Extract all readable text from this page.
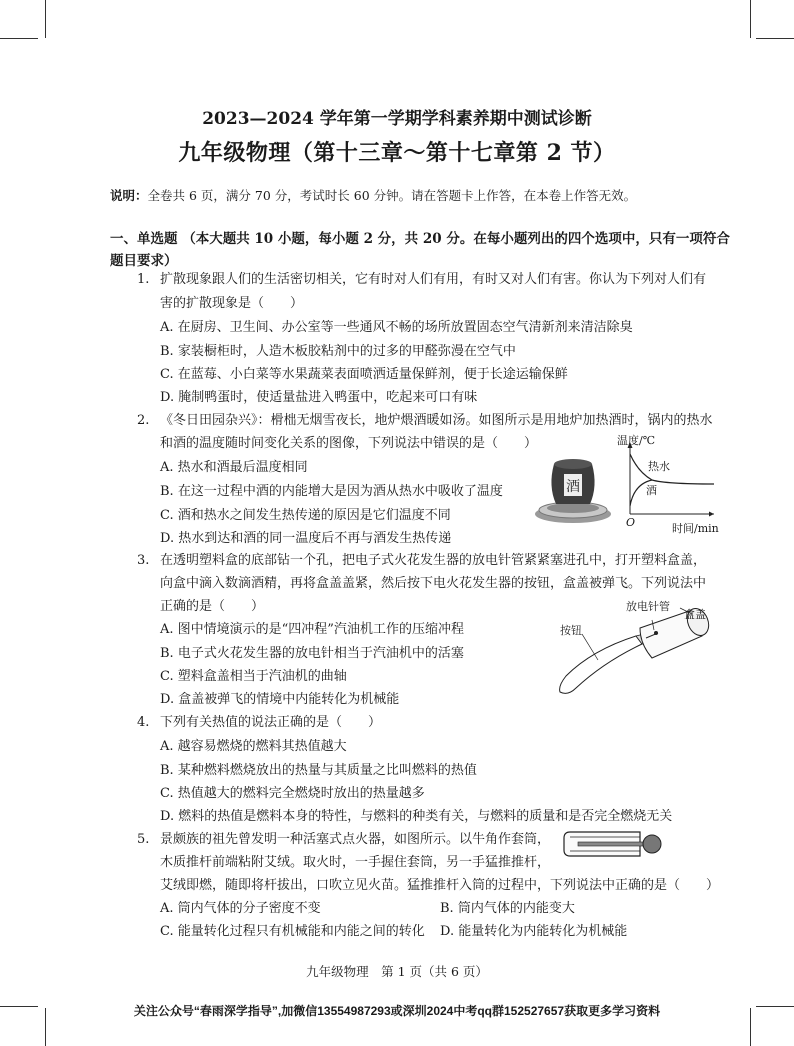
2023—2024 学年第一学期学科素养期中测试诊断
九年级物理（第十三章～第十七章第 2 节）
说明：全卷共 6 页，满分 70 分，考试时长 60 分钟。请在答题卡上作答，在本卷上作答无效。
一、单选题 （本大题共 10 小题，每小题 2 分，共 20 分。在每小题列出的四个选项中，只有一项符合题目要求）
1. 扩散现象跟人们的生活密切相关，它有时对人们有用，有时又对人们有害。你认为下列对人们有
害的扩散现象是（　　）
A. 在厨房、卫生间、办公室等一些通风不畅的场所放置固态空气清新剂来清洁除臭
B. 家装橱柜时，人造木板胶粘剂中的过多的甲醛弥漫在空气中
C. 在蓝莓、小白菜等水果蔬菜表面喷洒适量保鲜剂，便于长途运输保鲜
D. 腌制鸭蛋时，使适量盐进入鸭蛋中，吃起来可口有味
2. 《冬日田园杂兴》：榾柮无烟雪夜长，地炉煨酒暖如汤。如图所示是用地炉加热酒时，锅内的热水
和酒的温度随时间变化关系的图像，下列说法中错误的是（　　）
A. 热水和酒最后温度相同
B. 在这一过程中酒的内能增大是因为酒从热水中吸收了温度
C. 酒和热水之间发生热传递的原因是它们温度不同
D. 热水到达和酒的同一温度后不再与酒发生热传递
酒
温度/℃
热水
酒
O	时间/min
3. 在透明塑料盒的底部钻一个孔，把电子式火花发生器的放电针管紧紧塞进孔中，打开塑料盒盖，
向盒中滴入数滴酒精，再将盒盖盖紧，然后按下电火花发生器的按钮，盒盖被弹飞。下列说法中
正确的是（　　）
A. 图中情境演示的是“四冲程”汽油机工作的压缩冲程
B. 电子式火花发生器的放电针相当于汽油机中的活塞
C. 塑料盒盖相当于汽油机的曲轴
D. 盒盖被弹飞的情境中内能转化为机械能
放电针管
盒盖
按钮
4. 下列有关热值的说法正确的是（　　）
A. 越容易燃烧的燃料其热值越大
B. 某种燃料燃烧放出的热量与其质量之比叫燃料的热值
C. 热值越大的燃料完全燃烧时放出的热量越多
D. 燃料的热值是燃料本身的特性，与燃料的种类有关，与燃料的质量和是否完全燃烧无关
5. 景颇族的祖先曾发明一种活塞式点火器，如图所示。以牛角作套筒，
木质推杆前端粘附艾绒。取火时，一手握住套筒，另一手猛推推杆，
艾绒即燃，随即将杆拔出，口吹立见火苗。猛推推杆入筒的过程中，下列说法中正确的是（　　）
A. 筒内气体的分子密度不变	B. 筒内气体的内能变大
C. 能量转化过程只有机械能和内能之间的转化 D. 能量转化为内能转化为机械能
九年级物理　第 1 页（共 6 页）
关注公众号“春雨深学指导”,加微信13554987293或深圳2024中考qq群152527657获取更多学习资料
